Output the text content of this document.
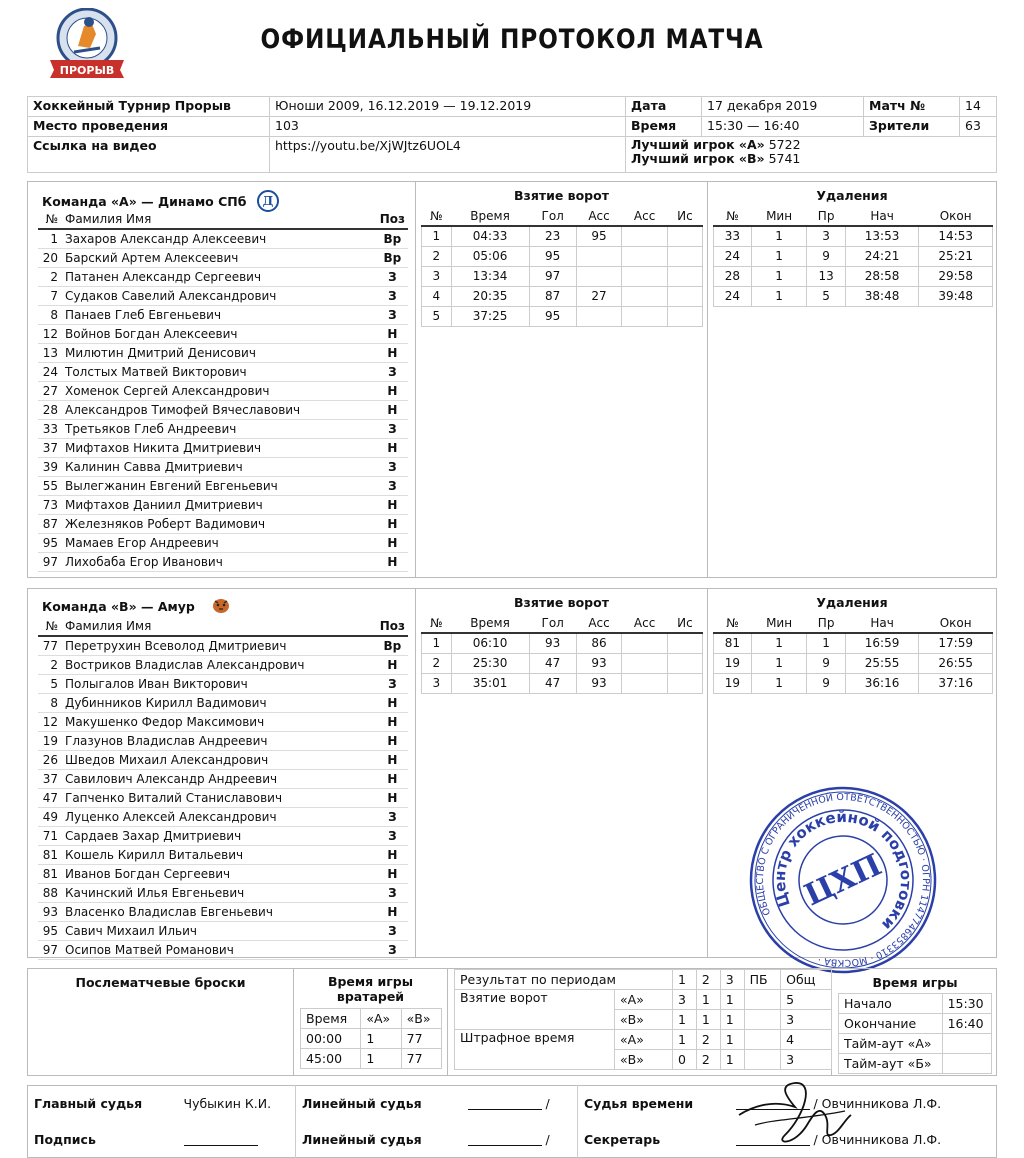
ПРОРЫВ
ОФИЦИАЛЬНЫЙ ПРОТОКОЛ МАТЧА
Хоккейный Турнир Прорыв	Юноши 2009, 16.12.2019 — 19.12.2019	Дата	17 декабря 2019	Матч №	14
Место проведения	103	Время	15:30 — 16:40	Зрители	63
Ссылка на видео	https://youtu.be/XjWJtz6UOL4	Лучший игрок «А» 5722
Лучший игрок «В» 5741			
Команда «А» — Динамо СПб Д
№	Фамилия Имя	Поз
1	Захаров Александр Алексеевич	Вр
20	Барский Артем Алексеевич	Вр
2	Патанен Александр Сергеевич	З
7	Судаков Савелий Александрович	З
8	Панаев Глеб Евгеньевич	З
12	Войнов Богдан Алексеевич	Н
13	Милютин Дмитрий Денисович	Н
24	Толстых Матвей Викторович	З
27	Хоменок Сергей Александрович	Н
28	Александров Тимофей Вячеславович	Н
33	Третьяков Глеб Андреевич	З
37	Мифтахов Никита Дмитриевич	Н
39	Калинин Савва Дмитриевич	З
55	Вылегжанин Евгений Евгеньевич	З
73	Мифтахов Даниил Дмитриевич	Н
87	Железняков Роберт Вадимович	Н
95	Мамаев Егор Андреевич	Н
97	Лихобаба Егор Иванович	Н
Взятие ворот
№	Время	Гол	Асс	Асс	Ис
1	04:33	23	95		
2	05:06	95			
3	13:34	97			
4	20:35	87	27		
5	37:25	95			
Удаления
№	Мин	Пр	Нач	Окон
33	1	3	13:53	14:53
24	1	9	24:21	25:21
28	1	13	28:58	29:58
24	1	5	38:48	39:48
Команда «В» — Амур
№	Фамилия Имя	Поз
77	Перетрухин Всеволод Дмитриевич	Вр
2	Востриков Владислав Александрович	Н
5	Полыгалов Иван Викторович	З
8	Дубинников Кирилл Вадимович	Н
12	Макушенко Федор Максимович	Н
19	Глазунов Владислав Андреевич	Н
26	Шведов Михаил Александрович	Н
37	Савилович Александр Андреевич	Н
47	Гапченко Виталий Станиславович	Н
49	Луценко Алексей Александрович	З
71	Сардаев Захар Дмитриевич	З
81	Кошель Кирилл Витальевич	Н
81	Иванов Богдан Сергеевич	Н
88	Качинский Илья Евгеньевич	З
93	Власенко Владислав Евгеньевич	Н
95	Савич Михаил Ильич	З
97	Осипов Матвей Романович	З
Взятие ворот
№	Время	Гол	Асс	Асс	Ис
1	06:10	93	86		
2	25:30	47	93		
3	35:01	47	93		
Удаления
№	Мин	Пр	Нач	Окон
81	1	1	16:59	17:59
19	1	9	25:55	26:55
19	1	9	36:16	37:16
ОБЩЕСТВО С ОГРАНИЧЕННОЙ ОТВЕТСТВЕННОСТЬЮ · ОГРН 1147746853310 · МОСКВА ·
Центр хоккейной подготовки
ЦХП
Послематчевые броски	Время игры вратарей
Время	«А»	«В»
00:00	1	77
45:00	1	77
Результат по периодам		1	2	3	ПБ	Общ
Взятие ворот	«А»	3	1	1		5
	«В»	1	1	1		3
Штрафное время	«А»	1	2	1		4
	«В»	0	2	1		3
Время игры
Начало	15:30
Окончание	16:40
Тайм-аут «А»	
Тайм-аут «Б»	
Главный судья	Чубыкин К.И.	Линейный судья	/	Судья времени	/ Овчинникова Л.Ф.
Подпись		Линейный судья	/	Секретарь	/ Овчинникова Л.Ф.
